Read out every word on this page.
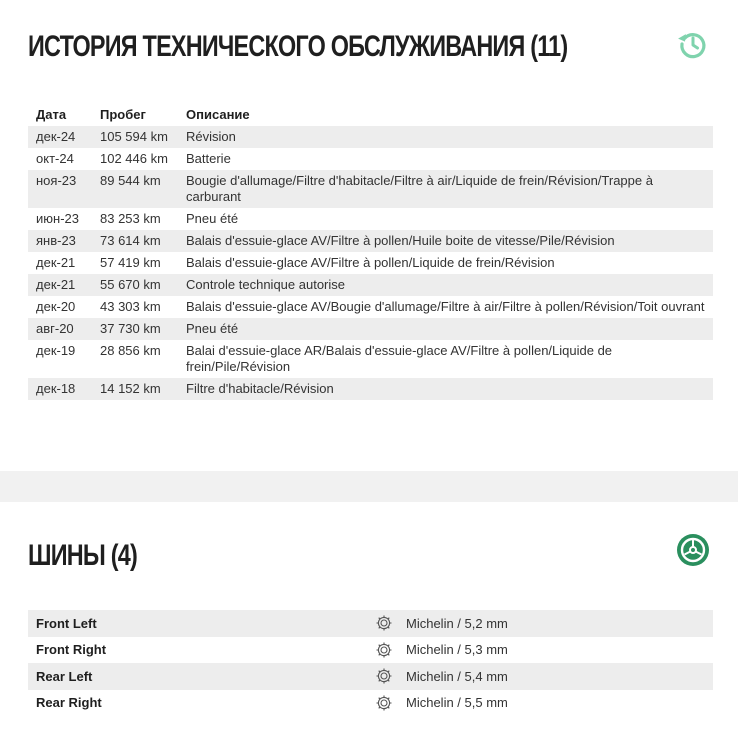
ИСТОРИЯ ТЕХНИЧЕСКОГО ОБСЛУЖИВАНИЯ (11)
Дата	Пробег	Описание
дек-24	105 594 km	Révision
окт-24	102 446 km	Batterie
ноя-23	89 544 km	Bougie d'allumage/Filtre d'habitacle/Filtre à air/Liquide de frein/Révision/Trappe à carburant
июн-23	83 253 km	Pneu été
янв-23	73 614 km	Balais d'essuie-glace AV/Filtre à pollen/Huile boite de vitesse/Pile/Révision
дек-21	57 419 km	Balais d'essuie-glace AV/Filtre à pollen/Liquide de frein/Révision
дек-21	55 670 km	Controle technique autorise
дек-20	43 303 km	Balais d'essuie-glace AV/Bougie d'allumage/Filtre à air/Filtre à pollen/Révision/Toit ouvrant
авг-20	37 730 km	Pneu été
дек-19	28 856 km	Balai d'essuie-glace AR/Balais d'essuie-glace AV/Filtre à pollen/Liquide de frein/Pile/Révision
дек-18	14 152 km	Filtre d'habitacle/Révision
ШИНЫ (4)
Front Left	Michelin / 5,2 mm
Front Right	Michelin / 5,3 mm
Rear Left	Michelin / 5,4 mm
Rear Right	Michelin / 5,5 mm
